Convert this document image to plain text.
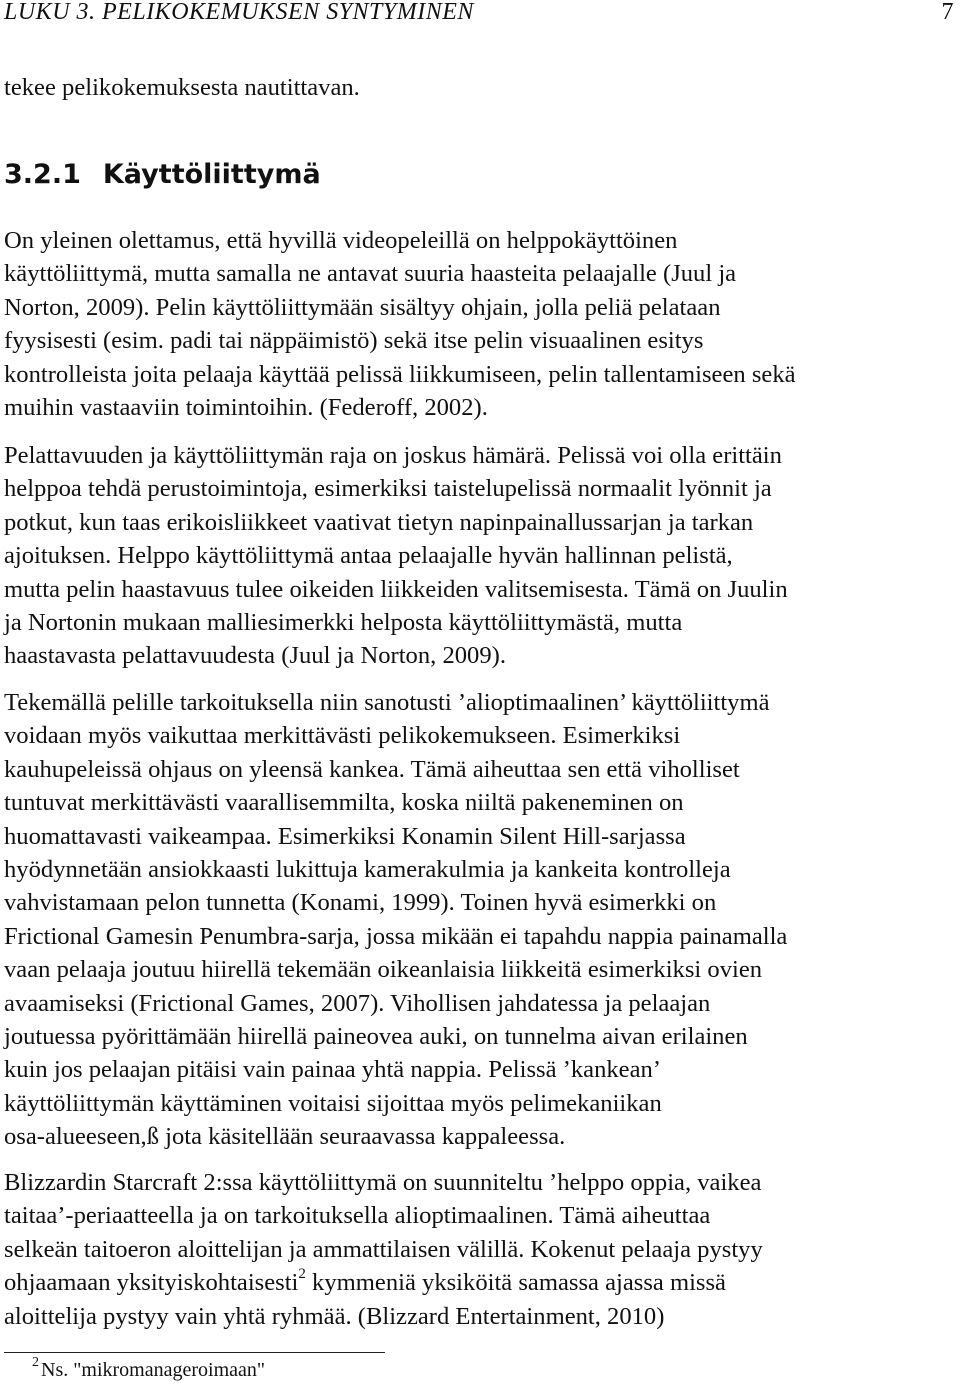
LUKU 3. PELIKOKEMUKSEN SYNTYMINEN	7

tekee pelikokemuksesta nautittavan.

3.2.1 Käyttöliittymä

On yleinen olettamus, että hyvillä videopeleillä on helppokäyttöinen
käyttöliittymä, mutta samalla ne antavat suuria haasteita pelaajalle (Juul ja
Norton, 2009). Pelin käyttöliittymään sisältyy ohjain, jolla peliä pelataan
fyysisesti (esim. padi tai näppäimistö) sekä itse pelin visuaalinen esitys
kontrolleista joita pelaaja käyttää pelissä liikkumiseen, pelin tallentamiseen sekä
muihin vastaaviin toimintoihin. (Federoff, 2002).

Pelattavuuden ja käyttöliittymän raja on joskus hämärä. Pelissä voi olla erittäin
helppoa tehdä perustoimintoja, esimerkiksi taistelupelissä normaalit lyönnit ja
potkut, kun taas erikoisliikkeet vaativat tietyn napinpainallussarjan ja tarkan
ajoituksen. Helppo käyttöliittymä antaa pelaajalle hyvän hallinnan pelistä,
mutta pelin haastavuus tulee oikeiden liikkeiden valitsemisesta. Tämä on Juulin
ja Nortonin mukaan malliesimerkki helposta käyttöliittymästä, mutta
haastavasta pelattavuudesta (Juul ja Norton, 2009).

Tekemällä pelille tarkoituksella niin sanotusti ’alioptimaalinen’ käyttöliittymä
voidaan myös vaikuttaa merkittävästi pelikokemukseen. Esimerkiksi
kauhupeleissä ohjaus on yleensä kankea. Tämä aiheuttaa sen että viholliset
tuntuvat merkittävästi vaarallisemmilta, koska niiltä pakeneminen on
huomattavasti vaikeampaa. Esimerkiksi Konamin Silent Hill-sarjassa
hyödynnetään ansiokkaasti lukittuja kamerakulmia ja kankeita kontrolleja
vahvistamaan pelon tunnetta (Konami, 1999). Toinen hyvä esimerkki on
Frictional Gamesin Penumbra-sarja, jossa mikään ei tapahdu nappia painamalla
vaan pelaaja joutuu hiirellä tekemään oikeanlaisia liikkeitä esimerkiksi ovien
avaamiseksi (Frictional Games, 2007). Vihollisen jahdatessa ja pelaajan
joutuessa pyörittämään hiirellä paineovea auki, on tunnelma aivan erilainen
kuin jos pelaajan pitäisi vain painaa yhtä nappia. Pelissä ’kankean’
käyttöliittymän käyttäminen voitaisi sijoittaa myös pelimekaniikan
osa-alueeseen,ß jota käsitellään seuraavassa kappaleessa.

Blizzardin Starcraft 2:ssa käyttöliittymä on suunniteltu ’helppo oppia, vaikea
taitaa’-periaatteella ja on tarkoituksella alioptimaalinen. Tämä aiheuttaa
selkeän taitoeron aloittelijan ja ammattilaisen välillä. Kokenut pelaaja pystyy
ohjaamaan yksityiskohtaisesti$^2$ kymmeniä yksiköitä samassa ajassa missä
aloittelija pystyy vain yhtä ryhmää. (Blizzard Entertainment, 2010)

$^2$ Ns. "mikromanageroimaan"
